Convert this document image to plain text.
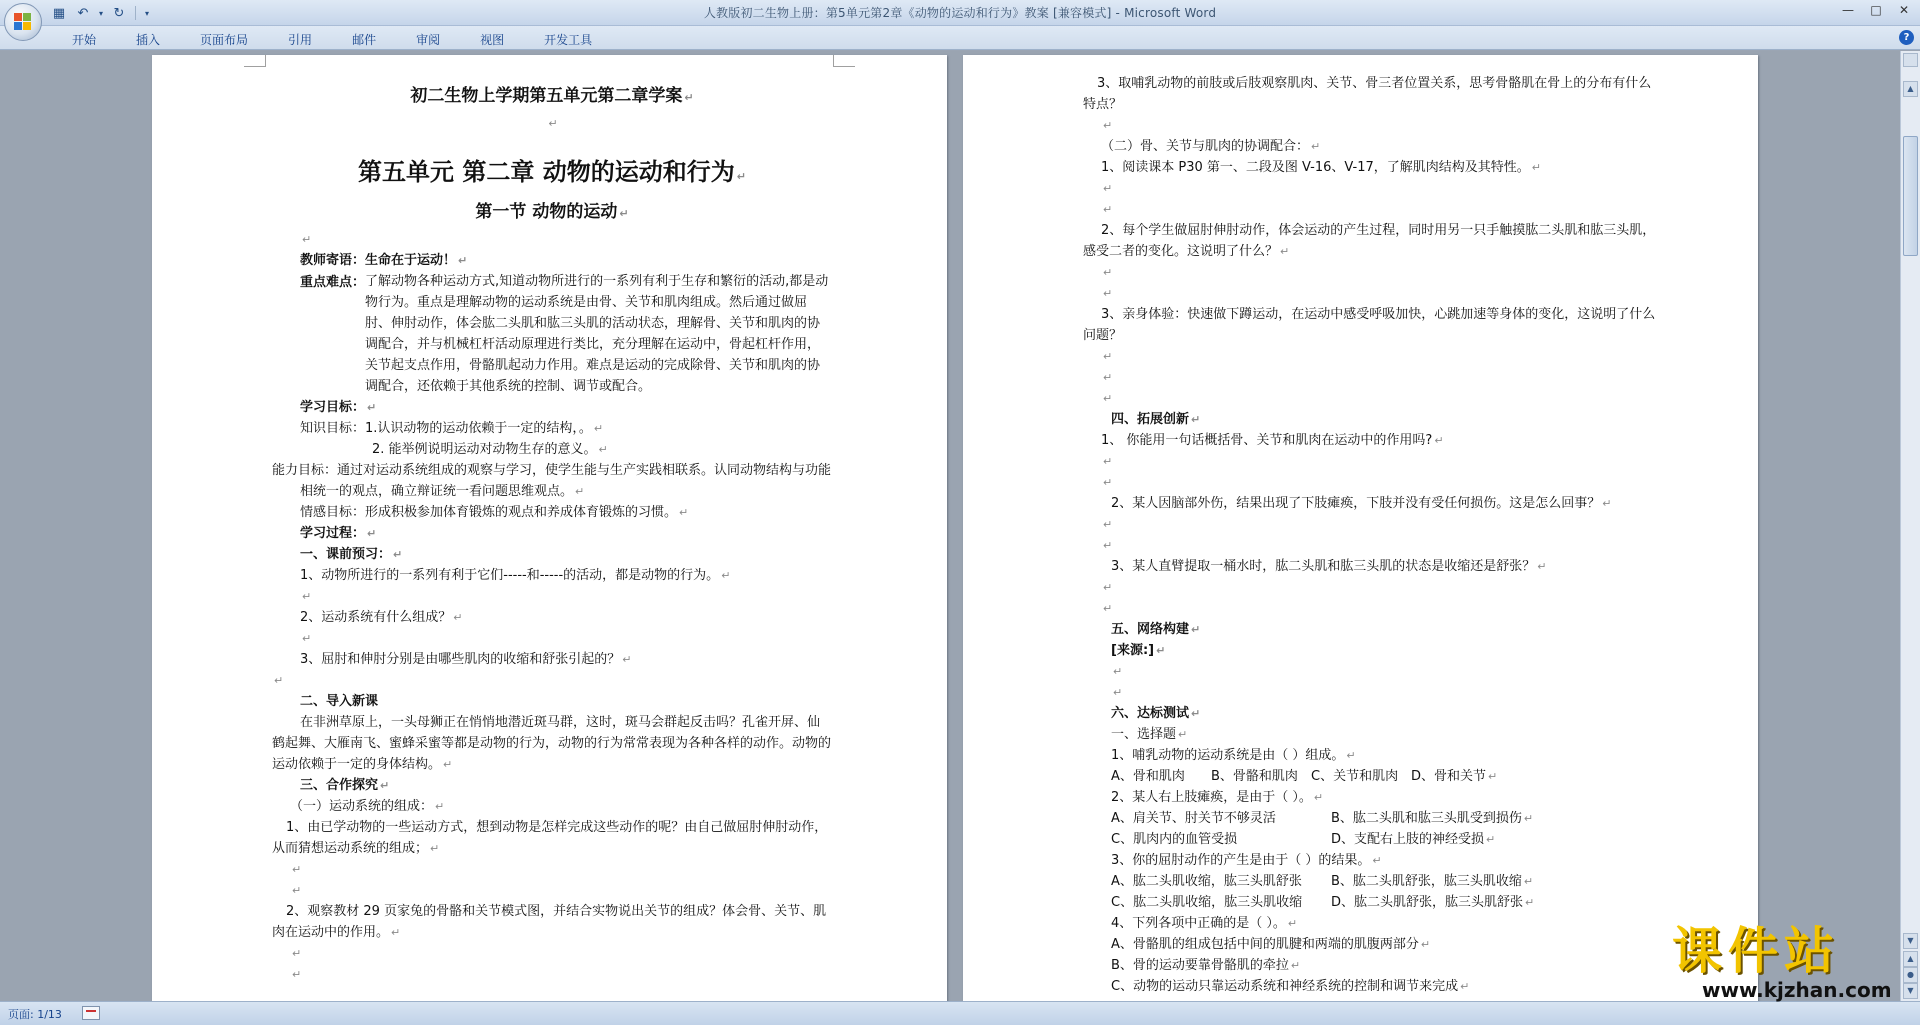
▦ ↶	▾ ↻	▾	人教版初二生物上册：第5单元第2章《动物的运动和行为》教案 [兼容模式] - Microsoft Word	—	□	✕
开始	插入	页面布局	引用	邮件	审阅	视图	开发工具	?
初二生物上学期第五单元第二章学案 ↵
↵
第五单元 第二章 动物的运动和行为 ↵
第一节 动物的运动 ↵
↵
教师寄语：生命在于运动！ ↵
重点难点： 了解动物各种运动方式,知道动物所进行的一系列有利于生存和繁衍的活动,都是动物行为。重点是理解动物的运动系统是由骨、关节和肌肉组成。然后通过做屈肘、伸肘动作，体会肱二头肌和肱三头肌的活动状态，理解骨、关节和肌肉的协调配合，并与机械杠杆活动原理进行类比，充分理解在运动中，骨起杠杆作用，关节起支点作用，骨骼肌起动力作用。难点是运动的完成除骨、关节和肌肉的协调配合，还依赖于其他系统的控制、调节或配合。
学习目标： ↵
知识目标：1.认识动物的运动依赖于一定的结构，。 ↵
2. 能举例说明运动对动物生存的意义。 ↵
能力目标：通过对运动系统组成的观察与学习，使学生能与生产实践相联系。认同动物结构与功能相统一的观点，确立辩证统一看问题思维观点。 ↵
情感目标：形成积极参加体育锻炼的观点和养成体育锻炼的习惯。 ↵
学习过程： ↵
一、课前预习： ↵
1、动物所进行的一系列有利于它们-----和-----的活动，都是动物的行为。 ↵
↵
2、运动系统有什么组成？ ↵
↵
3、屈肘和伸肘分别是由哪些肌肉的收缩和舒张引起的？ ↵
↵
二、导入新课
在非洲草原上，一头母狮正在悄悄地潜近斑马群，这时，斑马会群起反击吗？孔雀开屏、仙鹤起舞、大雁南飞、蜜蜂采蜜等都是动物的行为，动物的行为常常表现为各种各样的动作。动物的运动依赖于一定的身体结构。 ↵
三、合作探究 ↵
（一）运动系统的组成： ↵
1、由已学动物的一些运动方式，想到动物是怎样完成这些动作的呢？由自己做屈肘伸肘动作，从而猜想运动系统的组成； ↵
↵
↵
2、观察教材 29 页家兔的骨骼和关节模式图，并结合实物说出关节的组成？体会骨、关节、肌肉在运动中的作用。 ↵
↵
↵
3、取哺乳动物的前肢或后肢观察肌肉、关节、骨三者位置关系，思考骨骼肌在骨上的分布有什么特点？
↵
（二）骨、关节与肌肉的协调配合： ↵
1、阅读课本 P30 第一、二段及图 V-16、V-17，了解肌肉结构及其特性。 ↵
↵
↵
2、每个学生做屈肘伸肘动作，体会运动的产生过程，同时用另一只手触摸肱二头肌和肱三头肌，感受二者的变化。这说明了什么？ ↵
↵
↵
3、亲身体验：快速做下蹲运动，在运动中感受呼吸加快，心跳加速等身体的变化，这说明了什么问题？
↵
↵
↵
四、拓展创新 ↵
1、 你能用一句话概括骨、关节和肌肉在运动中的作用吗? ↵
↵
↵
2、某人因脑部外伤，结果出现了下肢瘫痪，下肢并没有受任何损伤。这是怎么回事？ ↵
↵
↵
3、某人直臂提取一桶水时，肱二头肌和肱三头肌的状态是收缩还是舒张？ ↵
↵
↵
五、网络构建 ↵
[来源:] ↵
↵
↵
六、达标测试 ↵
一、选择题 ↵
1、哺乳动物的运动系统是由（ ）组成。 ↵
A、骨和肌肉 B、骨骼和肌肉 C、关节和肌肉 D、骨和关节 ↵
2、某人右上肢瘫痪，是由于（ ）。 ↵
A、肩关节、肘关节不够灵活	B、肱二头肌和肱三头肌受到损伤 ↵
C、肌肉内的血管受损	D、支配右上肢的神经受损 ↵
3、你的屈肘动作的产生是由于（ ）的结果。 ↵
A、肱二头肌收缩，肱三头肌舒张 B、肱二头肌舒张，肱三头肌收缩 ↵
C、肱二头肌收缩，肱三头肌收缩 D、肱二头肌舒张，肱三头肌舒张 ↵
4、下列各项中正确的是（ ）。 ↵
A、骨骼肌的组成包括中间的肌腱和两端的肌腹两部分 ↵
B、骨的运动要靠骨骼肌的牵拉 ↵
C、动物的运动只靠运动系统和神经系统的控制和调节来完成 ↵
▲
▼
▲
●
▼
课件站
www.kjzhan.com
页面: 1/13
